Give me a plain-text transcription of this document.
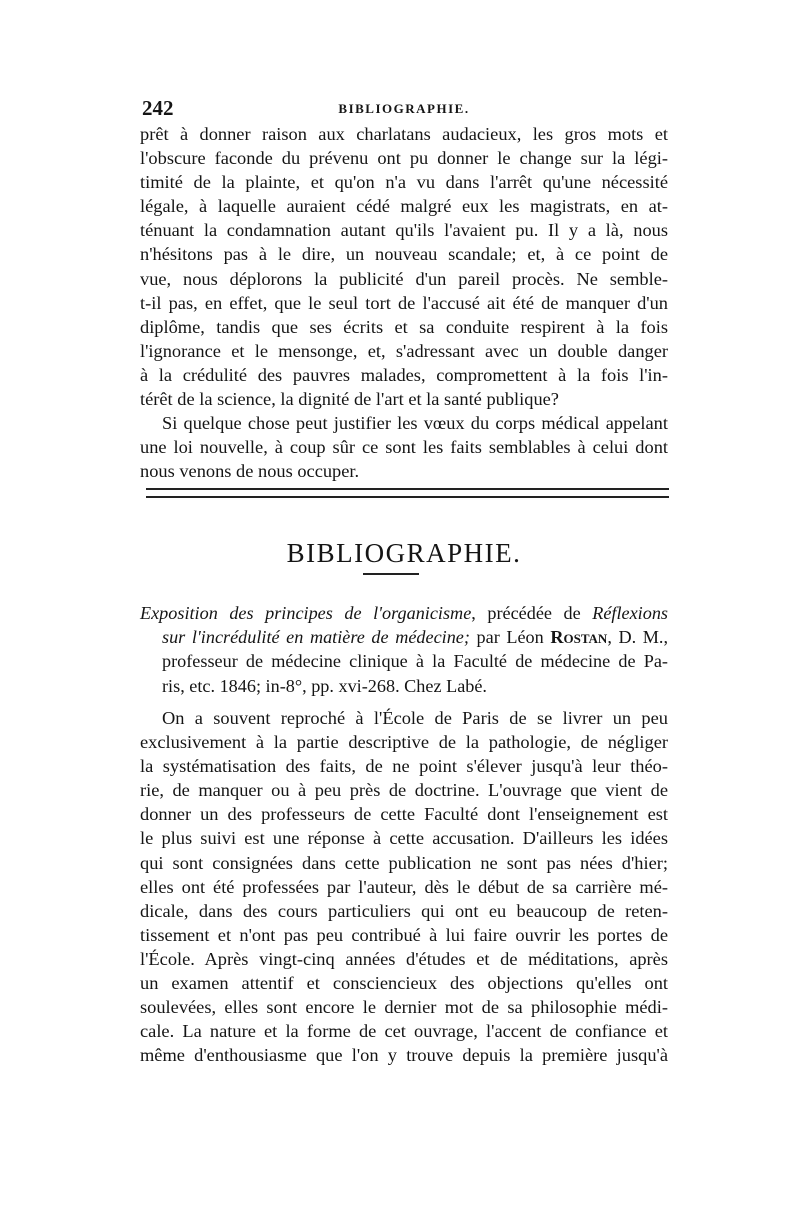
242	BIBLIOGRAPHIE.

prêt à donner raison aux charlatans audacieux, les gros mots et
l'obscure faconde du prévenu ont pu donner le change sur la légi-
timité de la plainte, et qu'on n'a vu dans l'arrêt qu'une nécessité
légale, à laquelle auraient cédé malgré eux les magistrats, en at-
ténuant la condamnation autant qu'ils l'avaient pu. Il y a là, nous
n'hésitons pas à le dire, un nouveau scandale; et, à ce point de
vue, nous déplorons la publicité d'un pareil procès. Ne semble-
t-il pas, en effet, que le seul tort de l'accusé ait été de manquer d'un
diplôme, tandis que ses écrits et sa conduite respirent à la fois
l'ignorance et le mensonge, et, s'adressant avec un double danger
à la crédulité des pauvres malades, compromettent à la fois l'in-
térêt de la science, la dignité de l'art et la santé publique?

Si quelque chose peut justifier les vœux du corps médical appelant
une loi nouvelle, à coup sûr ce sont les faits semblables à celui dont
nous venons de nous occuper.

BIBLIOGRAPHIE.
Exposition des principes de l'organicisme, précédée de Réflexions
sur l'incrédulité en matière de médecine; par Léon Rostan, D. M.,
professeur de médecine clinique à la Faculté de médecine de Pa-
ris, etc. 1846; in-8°, pp. xvi-268. Chez Labé.
On a souvent reproché à l'École de Paris de se livrer un peu
exclusivement à la partie descriptive de la pathologie, de négliger
la systématisation des faits, de ne point s'élever jusqu'à leur théo-
rie, de manquer ou à peu près de doctrine. L'ouvrage que vient de
donner un des professeurs de cette Faculté dont l'enseignement est
le plus suivi est une réponse à cette accusation. D'ailleurs les idées
qui sont consignées dans cette publication ne sont pas nées d'hier;
elles ont été professées par l'auteur, dès le début de sa carrière mé-
dicale, dans des cours particuliers qui ont eu beaucoup de reten-
tissement et n'ont pas peu contribué à lui faire ouvrir les portes de
l'École. Après vingt-cinq années d'études et de méditations, après
un examen attentif et consciencieux des objections qu'elles ont
soulevées, elles sont encore le dernier mot de sa philosophie médi-
cale. La nature et la forme de cet ouvrage, l'accent de confiance et
même d'enthousiasme que l'on y trouve depuis la première jusqu'à
